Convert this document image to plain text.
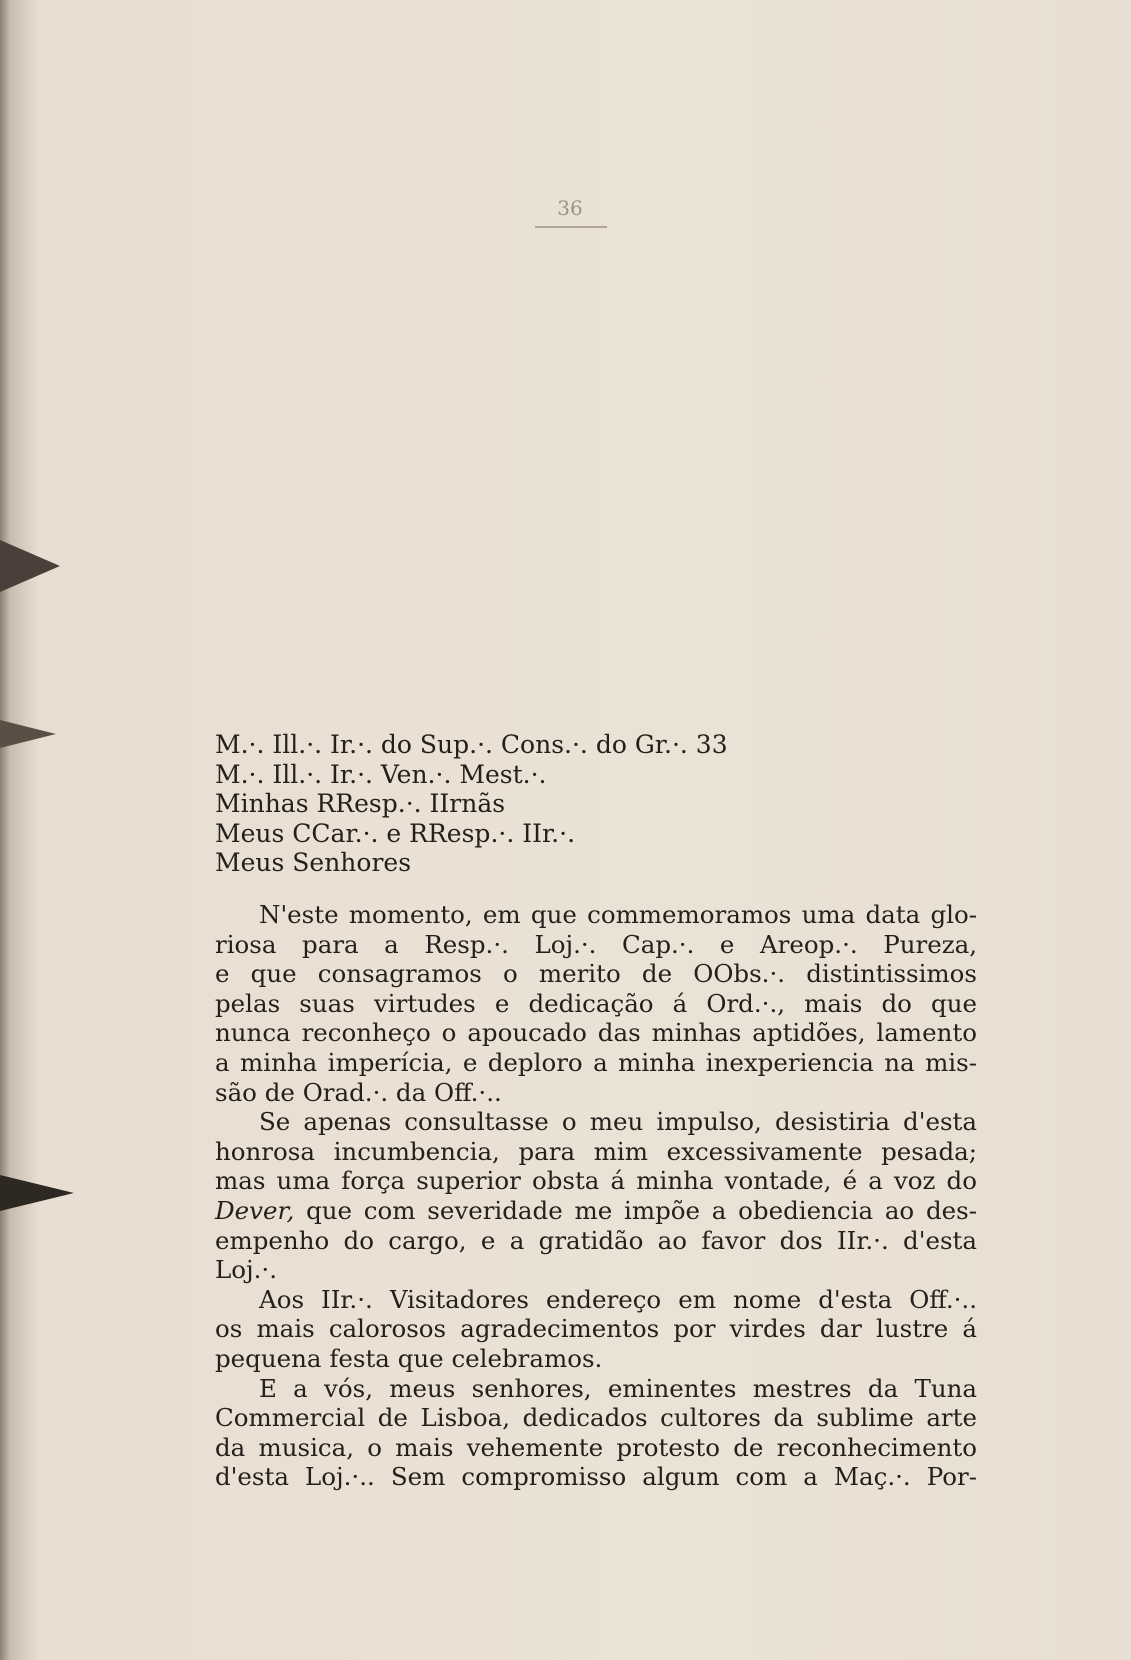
36
M.·. Ill.·. Ir.·. do Sup.·. Cons.·. do Gr.·. 33
M.·. Ill.·. Ir.·. Ven.·. Mest.·.
Minhas RResp.·. IIrnãs
Meus CCar.·. e RResp.·. IIr.·.
Meus Senhores
N'este momento, em que commemoramos uma data glo-
riosa para a Resp.·. Loj.·. Cap.·. e Areop.·. Pureza,
e que consagramos o merito de OObs.·. distintissimos
pelas suas virtudes e dedicação á Ord.·., mais do que
nunca reconheço o apoucado das minhas aptidões, lamento
a minha imperícia, e deploro a minha inexperiencia na mis-
são de Orad.·. da Off.·..
Se apenas consultasse o meu impulso, desistiria d'esta
honrosa incumbencia, para mim excessivamente pesada;
mas uma força superior obsta á minha vontade, é a voz do
Dever, que com severidade me impõe a obediencia ao des-
empenho do cargo, e a gratidão ao favor dos IIr.·. d'esta
Loj.·.
Aos IIr.·. Visitadores endereço em nome d'esta Off.·..
os mais calorosos agradecimentos por virdes dar lustre á
pequena festa que celebramos.
E a vós, meus senhores, eminentes mestres da Tuna
Commercial de Lisboa, dedicados cultores da sublime arte
da musica, o mais vehemente protesto de reconhecimento
d'esta Loj.·.. Sem compromisso algum com a Maç.·. Por-
